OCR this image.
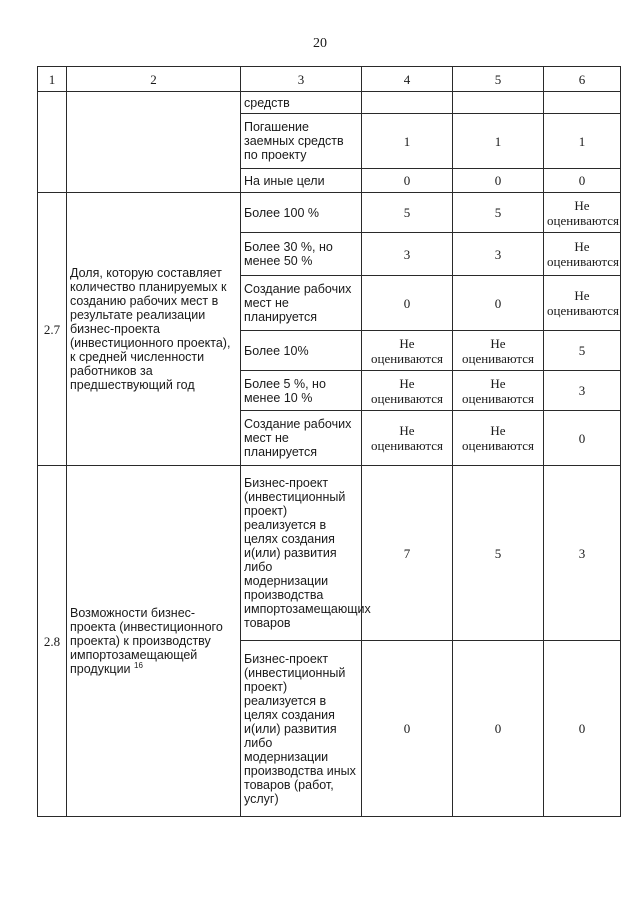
20
1	2	3	4	5	6
		средств			
		Погашение заемных средств по проекту	1	1	1
		На иные цели	0	0	0
2.7	Доля, которую составляет количество планируемых к созданию рабочих мест в результате реализации бизнес-проекта (инвестиционного проекта), к средней численности работников за предшествующий год	Более 100 %	5	5	Не оцениваются
		Более 30 %, но менее 50 %	3	3	Не оцениваются
		Создание рабочих мест не планируется	0	0	Не оцениваются
		Более 10%	Не оцениваются	Не оцениваются	5
		Более 5 %, но менее 10 %	Не оцениваются	Не оцениваются	3
		Создание рабочих мест не планируется	Не оцениваются	Не оцениваются	0
2.8	Возможности бизнес-проекта (инвестиционного проекта) к производству импортозамещающей продукции $^{16}$	Бизнес-проект (инвестиционный проект) реализуется в целях создания и(или) развития либо модернизации производства импортозамещающих товаров	7	5	3
		Бизнес-проект (инвестиционный проект) реализуется в целях создания и(или) развития либо модернизации производства иных товаров (работ, услуг)	0	0	0
